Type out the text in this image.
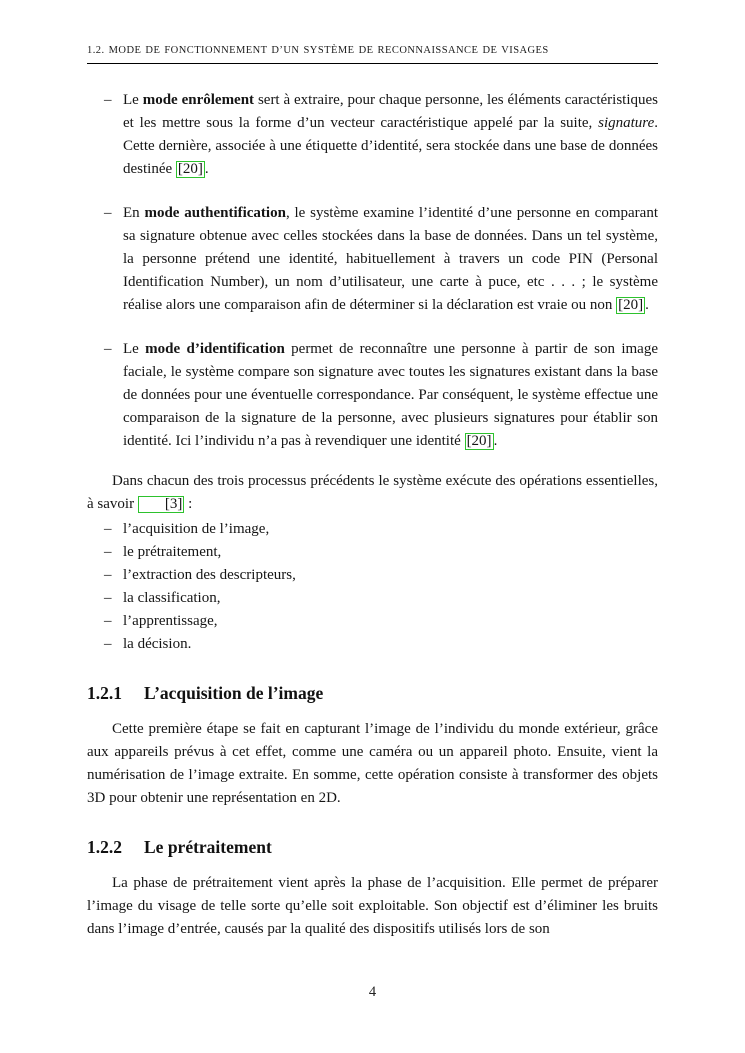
1.2. MODE DE FONCTIONNEMENT D’UN SYSTÈME DE RECONNAISSANCE DE VISAGES
– Le mode enrôlement sert à extraire, pour chaque personne, les éléments caractéristiques et les mettre sous la forme d’un vecteur caractéristique appelé par la suite, signature. Cette dernière, associée à une étiquette d’identité, sera stockée dans une base de données destinée [20] .
– En mode authentification, le système examine l’identité d’une personne en comparant sa signature obtenue avec celles stockées dans la base de données. Dans un tel système, la personne prétend une identité, habituellement à travers un code PIN (Personal Identification Number), un nom d’utilisateur, une carte à puce, etc . . . ; le système réalise alors une comparaison afin de déterminer si la déclaration est vraie ou non [20] .
– Le mode d’identification permet de reconnaître une personne à partir de son image faciale, le système compare son signature avec toutes les signatures existant dans la base de données pour une éventuelle correspondance. Par conséquent, le système effectue une comparaison de la signature de la personne, avec plusieurs signatures pour établir son identité. Ici l’individu n’a pas à revendiquer une identité [20] .

Dans chacun des trois processus précédents le système exécute des opérations essentielles, à savoir [3] :

– l’acquisition de l’image,
– le prétraitement,
– l’extraction des descripteurs,
– la classification,
– l’apprentissage,
– la décision.
1.2.1 L’acquisition de l’image

Cette première étape se fait en capturant l’image de l’individu du monde extérieur, grâce aux appareils prévus à cet effet, comme une caméra ou un appareil photo. Ensuite, vient la numérisation de l’image extraite. En somme, cette opération consiste à transformer des objets 3D pour obtenir une représentation en 2D.

1.2.2 Le prétraitement

La phase de prétraitement vient après la phase de l’acquisition. Elle permet de préparer l’image du visage de telle sorte qu’elle soit exploitable. Son objectif est d’éliminer les bruits dans l’image d’entrée, causés par la qualité des dispositifs utilisés lors de son

4
